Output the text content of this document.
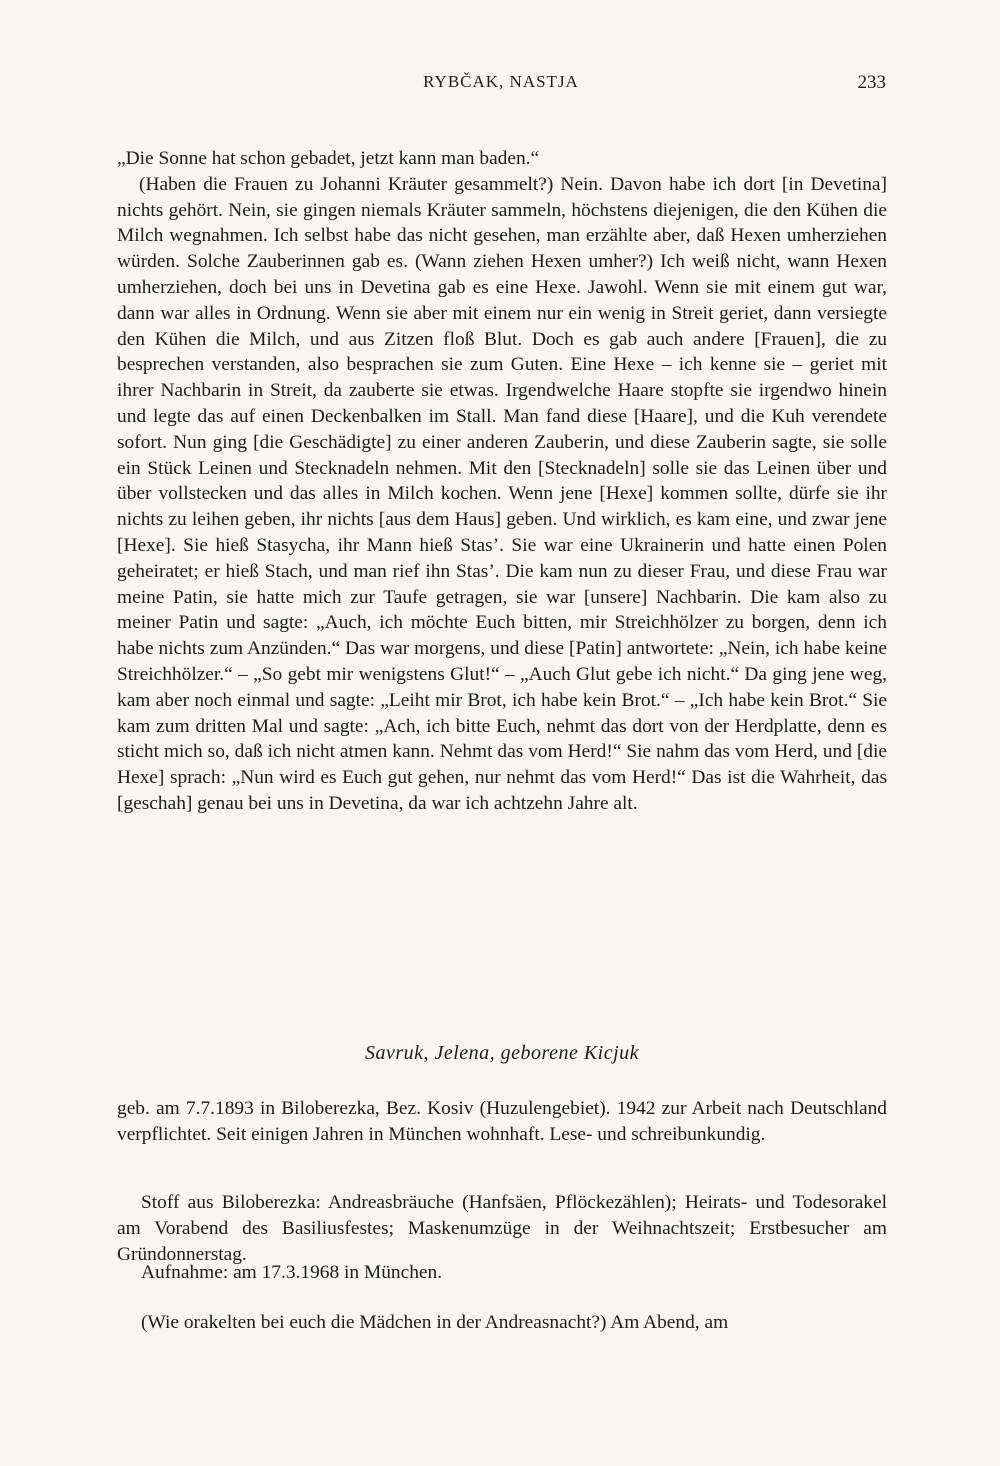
RYBČAK, NASTJA	233

„Die Sonne hat schon gebadet, jetzt kann man baden.“

(Haben die Frauen zu Johanni Kräuter gesammelt?) Nein. Davon habe ich dort [in Devetina] nichts gehört. Nein, sie gingen niemals Kräuter sammeln, höchstens diejenigen, die den Kühen die Milch wegnahmen. Ich selbst habe das nicht gesehen, man erzählte aber, daß Hexen umherziehen würden. Solche Zauberinnen gab es. (Wann ziehen Hexen umher?) Ich weiß nicht, wann Hexen umherziehen, doch bei uns in Devetina gab es eine Hexe. Jawohl. Wenn sie mit einem gut war, dann war alles in Ordnung. Wenn sie aber mit einem nur ein wenig in Streit geriet, dann versiegte den Kühen die Milch, und aus Zitzen floß Blut. Doch es gab auch andere [Frauen], die zu besprechen verstanden, also besprachen sie zum Guten. Eine Hexe – ich kenne sie – geriet mit ihrer Nachbarin in Streit, da zauberte sie etwas. Irgendwelche Haare stopfte sie irgendwo hinein und legte das auf einen Deckenbalken im Stall. Man fand diese [Haare], und die Kuh verendete sofort. Nun ging [die Geschädigte] zu einer anderen Zauberin, und diese Zauberin sagte, sie solle ein Stück Leinen und Stecknadeln nehmen. Mit den [Stecknadeln] solle sie das Leinen über und über vollstecken und das alles in Milch kochen. Wenn jene [Hexe] kommen sollte, dürfe sie ihr nichts zu leihen geben, ihr nichts [aus dem Haus] geben. Und wirklich, es kam eine, und zwar jene [Hexe]. Sie hieß Stasycha, ihr Mann hieß Stas’. Sie war eine Ukrainerin und hatte einen Polen geheiratet; er hieß Stach, und man rief ihn Stas’. Die kam nun zu dieser Frau, und diese Frau war meine Patin, sie hatte mich zur Taufe getragen, sie war [unsere] Nachbarin. Die kam also zu meiner Patin und sagte: „Auch, ich möchte Euch bitten, mir Streichhölzer zu borgen, denn ich habe nichts zum Anzünden.“ Das war morgens, und diese [Patin] antwortete: „Nein, ich habe keine Streichhölzer.“ – „So gebt mir wenigstens Glut!“ – „Auch Glut gebe ich nicht.“ Da ging jene weg, kam aber noch einmal und sagte: „Leiht mir Brot, ich habe kein Brot.“ – „Ich habe kein Brot.“ Sie kam zum dritten Mal und sagte: „Ach, ich bitte Euch, nehmt das dort von der Herdplatte, denn es sticht mich so, daß ich nicht atmen kann. Nehmt das vom Herd!“ Sie nahm das vom Herd, und [die Hexe] sprach: „Nun wird es Euch gut gehen, nur nehmt das vom Herd!“ Das ist die Wahrheit, das [geschah] genau bei uns in Devetina, da war ich achtzehn Jahre alt.

Savruk, Jelena, geborene Kicjuk

geb. am 7.7.1893 in Biloberezka, Bez. Kosiv (Huzulengebiet). 1942 zur Arbeit nach Deutschland verpflichtet. Seit einigen Jahren in München wohnhaft. Lese- und schreibunkundig.

Stoff aus Biloberezka: Andreasbräuche (Hanfsäen, Pflöckezählen); Heirats- und Todesorakel am Vorabend des Basiliusfestes; Maskenumzüge in der Weihnachtszeit; Erstbesucher am Gründonnerstag.

Aufnahme: am 17.3.1968 in München.

(Wie orakelten bei euch die Mädchen in der Andreasnacht?) Am Abend, am
